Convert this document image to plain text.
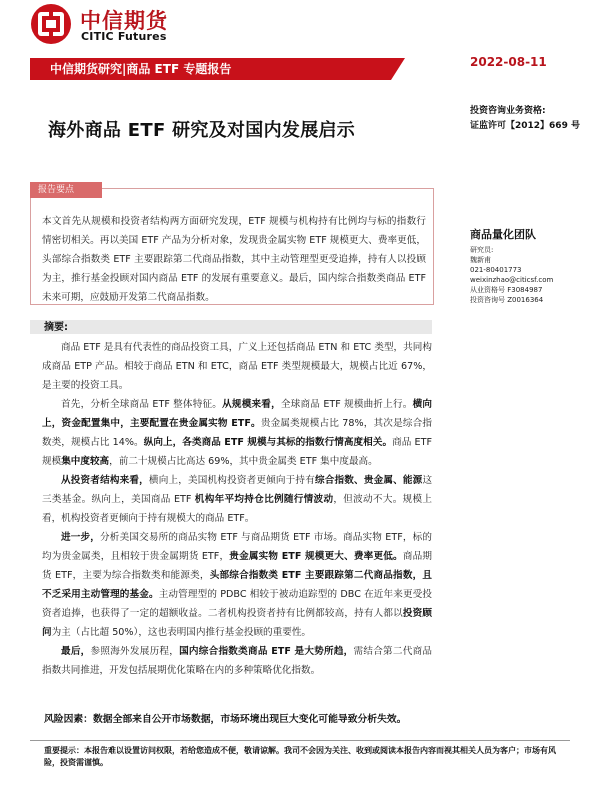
中信期货
CITIC Futures
中信期货研究|商品 ETF 专题报告	2022-08-11
海外商品 ETF 研究及对国内发展启示
投资咨询业务资格:
证监许可【2012】669 号
报告要点
本文首先从规模和投资者结构两方面研究发现，ETF 规模与机构持有比例均与标的指数行情密切相关。再以美国 ETF 产品为分析对象，发现贵金属实物 ETF 规模更大、费率更低，头部综合指数类 ETF 主要跟踪第二代商品指数，其中主动管理型更受追捧，持有人以投顾为主，推行基金投顾对国内商品 ETF 的发展有重要意义。最后，国内综合指数类商品 ETF 未来可期，应鼓励开发第二代商品指数。
商品量化团队
研究员:
魏新甫
021-80401773
weixinzhao@citicsf.com
从业资格号 F3084987
投资咨询号 Z0016364
摘要:

商品 ETF 是具有代表性的商品投资工具，广义上还包括商品 ETN 和 ETC 类型，共同构成商品 ETP 产品。相较于商品 ETN 和 ETC，商品 ETF 类型规模最大，规模占比近 67%，是主要的投资工具。

首先，分析全球商品 ETF 整体特征。从规模来看，全球商品 ETF 规模曲折上行。横向上，资金配置集中，主要配置在贵金属实物 ETF。贵金属类规模占比 78%，其次是综合指数类，规模占比 14%。纵向上，各类商品 ETF 规模与其标的指数行情高度相关。商品 ETF 规模集中度较高，前二十规模占比高达 69%，其中贵金属类 ETF 集中度最高。

从投资者结构来看，横向上，美国机构投资者更倾向于持有综合指数、贵金属、能源这三类基金。纵向上，美国商品 ETF 机构年平均持仓比例随行情波动，但波动不大。规模上看，机构投资者更倾向于持有规模大的商品 ETF。

进一步，分析美国交易所的商品实物 ETF 与商品期货 ETF 市场。商品实物 ETF，标的均为贵金属类，且相较于贵金属期货 ETF，贵金属实物 ETF 规模更大、费率更低。商品期货 ETF，主要为综合指数类和能源类，头部综合指数类 ETF 主要跟踪第二代商品指数，且不乏采用主动管理的基金。主动管理型的 PDBC 相较于被动追踪型的 DBC 在近年来更受投资者追捧，也获得了一定的超额收益。二者机构投资者持有比例都较高，持有人都以投资顾问为主（占比超 50%），这也表明国内推行基金投顾的重要性。

最后，参照海外发展历程，国内综合指数类商品 ETF 是大势所趋，需结合第二代商品指数共同推进，开发包括展期优化策略在内的多种策略优化指数。

风险因素：数据全部来自公开市场数据，市场环境出现巨大变化可能导致分析失效。
重要提示：本报告难以设置访问权限，若给您造成不便，敬请谅解。我司不会因为关注、收到或阅读本报告内容而视其相关人员为客户；市场有风险，投资需谨慎。
